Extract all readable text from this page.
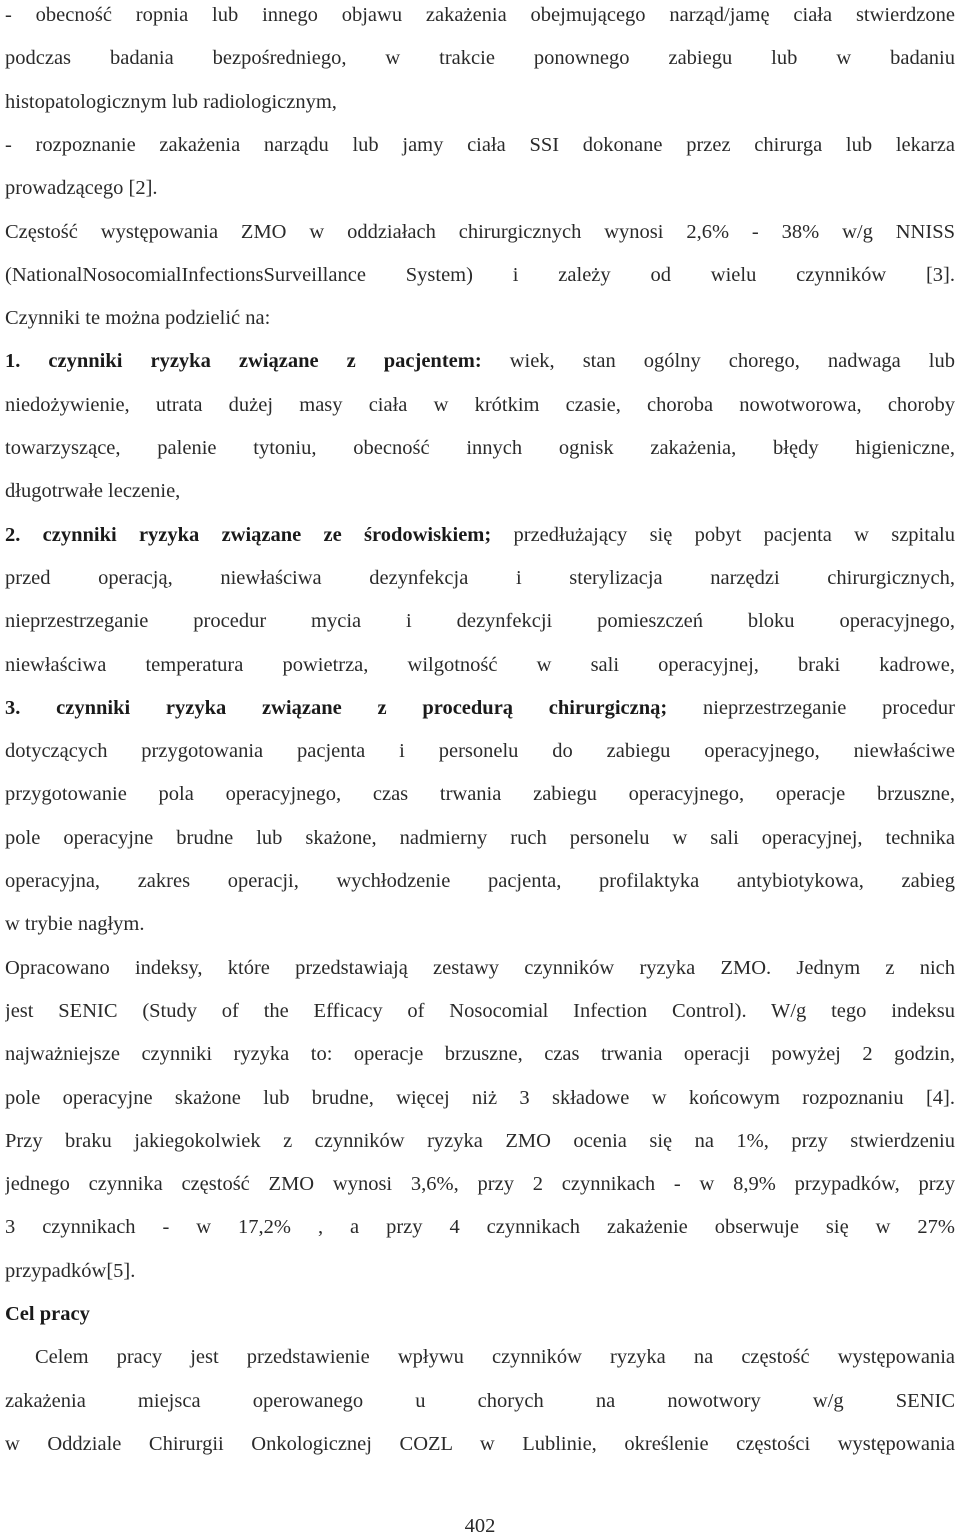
- obecność ropnia lub innego objawu zakażenia obejmującego narząd/jamę ciała stwierdzone
podczas badania bezpośredniego, w trakcie ponownego zabiegu lub w badaniu
histopatologicznym lub radiologicznym,
- rozpoznanie zakażenia narządu lub jamy ciała SSI dokonane przez chirurga lub lekarza
prowadzącego [2].
Częstość występowania ZMO w oddziałach chirurgicznych wynosi 2,6% - 38% w/g NNISS
(NationalNosocomialInfectionsSurveillance System) i zależy od wielu czynników [3].
Czynniki te można podzielić na:
1. czynniki ryzyka związane z pacjentem: wiek, stan ogólny chorego, nadwaga lub
niedożywienie, utrata dużej masy ciała w krótkim czasie, choroba nowotworowa, choroby
towarzyszące, palenie tytoniu, obecność innych ognisk zakażenia, błędy higieniczne,
długotrwałe leczenie,
2. czynniki ryzyka związane ze środowiskiem; przedłużający się pobyt pacjenta w szpitalu
przed operacją, niewłaściwa dezynfekcja i sterylizacja narzędzi chirurgicznych,
nieprzestrzeganie procedur mycia i dezynfekcji pomieszczeń bloku operacyjnego,
niewłaściwa temperatura powietrza, wilgotność w sali operacyjnej, braki kadrowe,
3. czynniki ryzyka związane z procedurą chirurgiczną; nieprzestrzeganie procedur
dotyczących przygotowania pacjenta i personelu do zabiegu operacyjnego, niewłaściwe
przygotowanie pola operacyjnego, czas trwania zabiegu operacyjnego, operacje brzuszne,
pole operacyjne brudne lub skażone, nadmierny ruch personelu w sali operacyjnej, technika
operacyjna, zakres operacji, wychłodzenie pacjenta, profilaktyka antybiotykowa, zabieg
w trybie nagłym.
Opracowano indeksy, które przedstawiają zestawy czynników ryzyka ZMO. Jednym z nich
jest SENIC (Study of the Efficacy of Nosocomial Infection Control). W/g tego indeksu
najważniejsze czynniki ryzyka to: operacje brzuszne, czas trwania operacji powyżej 2 godzin,
pole operacyjne skażone lub brudne, więcej niż 3 składowe w końcowym rozpoznaniu [4].
Przy braku jakiegokolwiek z czynników ryzyka ZMO ocenia się na 1%, przy stwierdzeniu
jednego czynnika częstość ZMO wynosi 3,6%, przy 2 czynnikach - w 8,9% przypadków, przy
3 czynnikach - w 17,2% , a przy 4 czynnikach zakażenie obserwuje się w 27%
przypadków[5].
Cel pracy
Celem pracy jest przedstawienie wpływu czynników ryzyka na częstość występowania
zakażenia miejsca operowanego u chorych na nowotwory w/g SENIC
w Oddziale Chirurgii Onkologicznej COZL w Lublinie, określenie częstości występowania
402
